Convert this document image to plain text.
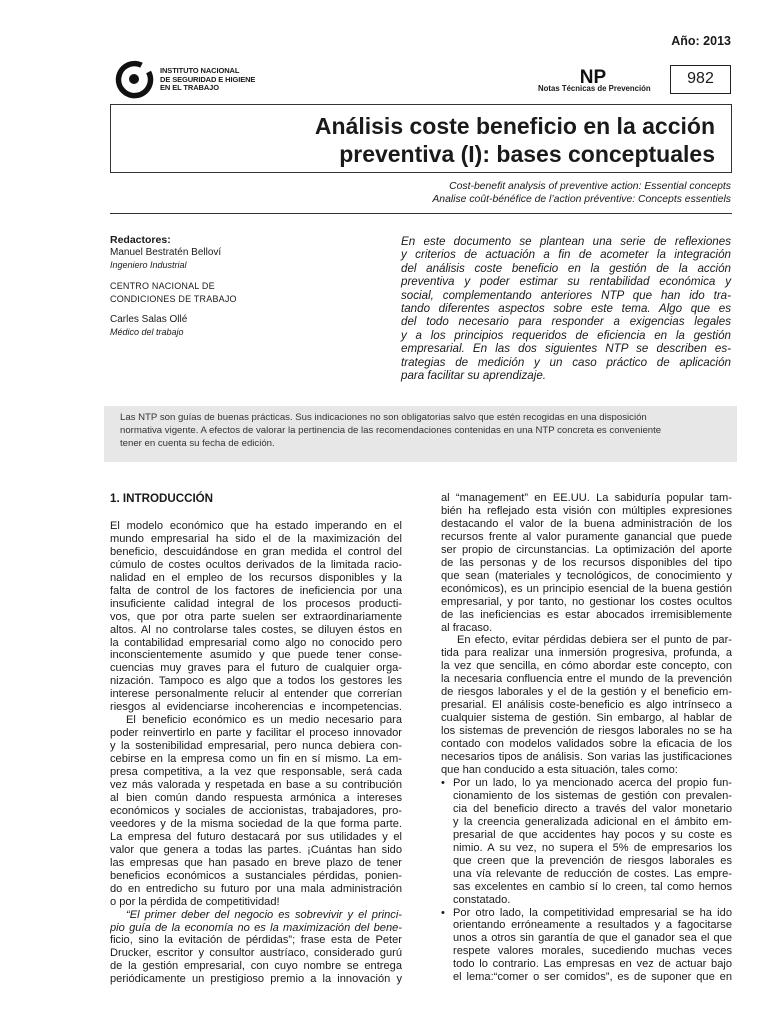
Año: 2013
INSTITUTO NACIONAL
DE SEGURIDAD E HIGIENE
EN EL TRABAJO	NP
Notas Técnicas de Prevención
982
Análisis coste beneficio en la acción
preventiva (I): bases conceptuales
Cost-benefit analysis of preventive action: Essential concepts
Analise coût-bénéfice de l’action préventive: Concepts essentiels
Redactores:
Manuel Bestratén Belloví
Ingeniero Industrial
CENTRO NACIONAL DE
CONDICIONES DE TRABAJO
Carles Salas Ollé
Médico del trabajo
En este documento se plantean una serie de reflexiones
y criterios de actuación a fin de acometer la integración
del análisis coste beneficio en la gestión de la acción
preventiva y poder estimar su rentabilidad económica y
social, complementando anteriores NTP que han ido tra-
tando diferentes aspectos sobre este tema. Algo que es
del todo necesario para responder a exigencias legales
y a los principios requeridos de eficiencia en la gestión
empresarial. En las dos siguientes NTP se describen es-
trategias de medición y un caso práctico de aplicación
para facilitar su aprendizaje.
Las NTP son guías de buenas prácticas. Sus indicaciones no son obligatorias salvo que estén recogidas en una disposición
normativa vigente. A efectos de valorar la pertinencia de las recomendaciones contenidas en una NTP concreta es conveniente
tener en cuenta su fecha de edición.
1. INTRODUCCIÓN
El modelo económico que ha estado imperando en el
mundo empresarial ha sido el de la maximización del
beneficio, descuidándose en gran medida el control del
cúmulo de costes ocultos derivados de la limitada racio-
nalidad en el empleo de los recursos disponibles y la
falta de control de los factores de ineficiencia por una
insuficiente calidad integral de los procesos producti-
vos, que por otra parte suelen ser extraordinariamente
altos. Al no controlarse tales costes, se diluyen éstos en
la contabilidad empresarial como algo no conocido pero
inconscientemente asumido y que puede tener conse-
cuencias muy graves para el futuro de cualquier orga-
nización. Tampoco es algo que a todos los gestores les
interese personalmente relucir al entender que correrían
riesgos al evidenciarse incoherencias e incompetencias.
El beneficio económico es un medio necesario para
poder reinvertirlo en parte y facilitar el proceso innovador
y la sostenibilidad empresarial, pero nunca debiera con-
cebirse en la empresa como un fin en sí mismo. La em-
presa competitiva, a la vez que responsable, será cada
vez más valorada y respetada en base a su contribución
al bien común dando respuesta armónica a intereses
económicos y sociales de accionistas, trabajadores, pro-
veedores y de la misma sociedad de la que forma parte.
La empresa del futuro destacará por sus utilidades y el
valor que genera a todas las partes. ¡Cuántas han sido
las empresas que han pasado en breve plazo de tener
beneficios económicos a sustanciales pérdidas, ponien-
do en entredicho su futuro por una mala administración
o por la pérdida de competitividad!
“El primer deber del negocio es sobrevivir y el princi-
pio guía de la economía no es la maximización del bene-
ficio, sino la evitación de pérdidas”; frase esta de Peter
Drucker, escritor y consultor austríaco, considerado gurú
de la gestión empresarial, con cuyo nombre se entrega
periódicamente un prestigioso premio a la innovación y
al “management” en EE.UU. La sabiduría popular tam-
bién ha reflejado esta visión con múltiples expresiones
destacando el valor de la buena administración de los
recursos frente al valor puramente ganancial que puede
ser propio de circunstancias. La optimización del aporte
de las personas y de los recursos disponibles del tipo
que sean (materiales y tecnológicos, de conocimiento y
económicos), es un principio esencial de la buena gestión
empresarial, y por tanto, no gestionar los costes ocultos
de las ineficiencias es estar abocados irremisiblemente
al fracaso.
En efecto, evitar pérdidas debiera ser el punto de par-
tida para realizar una inmersión progresiva, profunda, a
la vez que sencilla, en cómo abordar este concepto, con
la necesaria confluencia entre el mundo de la prevención
de riesgos laborales y el de la gestión y el beneficio em-
presarial. El análisis coste-beneficio es algo intrínseco a
cualquier sistema de gestión. Sin embargo, al hablar de
los sistemas de prevención de riesgos laborales no se ha
contado con modelos validados sobre la eficacia de los
necesarios tipos de análisis. Son varias las justificaciones
que han conducido a esta situación, tales como:
• Por un lado, lo ya mencionado acerca del propio fun-
cionamiento de los sistemas de gestión con prevalen-
cia del beneficio directo a través del valor monetario
y la creencia generalizada adicional en el ámbito em-
presarial de que accidentes hay pocos y su coste es
nimio. A su vez, no supera el 5% de empresarios los
que creen que la prevención de riesgos laborales es
una vía relevante de reducción de costes. Las empre-
sas excelentes en cambio sí lo creen, tal como hemos
constatado.
• Por otro lado, la competitividad empresarial se ha ido
orientando erróneamente a resultados y a fagocitarse
unos a otros sin garantía de que el ganador sea el que
respete valores morales, sucediendo muchas veces
todo lo contrario. Las empresas en vez de actuar bajo
el lema:“comer o ser comidos”, es de suponer que en
